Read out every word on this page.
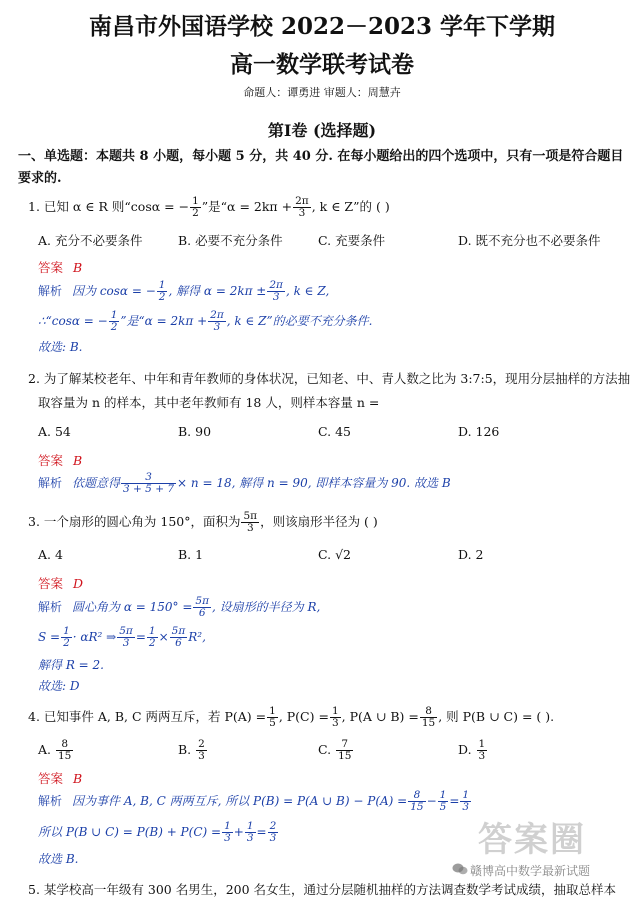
南昌市外国语学校 2022－2023 学年下学期
高一数学联考试卷
命题人：谭勇进 审题人：周慧卉
第Ⅰ卷 (选择题)
一、单选题：本题共 8 小题，每小题 5 分，共 40 分. 在每小题给出的四个选项中，只有一项是符合题目要求的.
1. 已知 α ∈ R 则“cosα = − $\frac{1}{2}$ ”是“$\alpha = 2k\pi + \frac{2\pi}{3}$ , k ∈ Z”的 ( )
A. 充分不必要条件	B. 必要不充分条件	C. 充要条件	D. 既不充分也不必要条件
答案 B
解析 因为 cosα = − $\frac{1}{2}$ , 解得 $\alpha = 2k\pi \pm \frac{2\pi}{3}$ , k ∈ Z,
∴“cosα = − $\frac{1}{2}$ ”是“$\alpha = 2k\pi + \frac{2\pi}{3}$ , k ∈ Z”的必要不充分条件.
故选: B.
2. 为了解某校老年、中年和青年教师的身体状况，已知老、中、青人数之比为 3:7:5，现用分层抽样的方法抽
取容量为 n 的样本，其中老年教师有 18 人，则样本容量 n =
A. 54	B. 90	C. 45	D. 126
答案 B
解析 依题意得 $\frac{3}{3 + 5 + 7} \times n = 18$, 解得 n = 90, 即样本容量为 90. 故选 B
3. 一个扇形的圆心角为 150°，面积为 $\frac{5\pi}{3}$ ，则该扇形半径为 ( )
A. 4	B. 1	C. √2	D. 2
答案 D
解析 圆心角为 $\alpha = 150^\circ = \frac{5\pi}{6}$ , 设扇形的半径为 R,
$S = \frac{1}{2} \cdot \alpha R^2$ ⇒ $\frac{5\pi}{3} = \frac{1}{2} \times \frac{5\pi}{6} R^2$,
解得 R = 2.
故选: D
4. 已知事件 A, B, C 两两互斥，若 $P(A) = \frac{1}{5}$ , $P(C) = \frac{1}{3}$ , P(A ∪ $B) = \frac{8}{15}$ , 则 P(B ∪ C) = ( ).
A. $\frac{8}{15}$	B. $\frac{2}{3}$	C. $\frac{7}{15}$	D. $\frac{1}{3}$
答案 B
解析 因为事件 A, B, C 两两互斥, 所以 P(B) = P(A ∪ $B) - P(A) = \frac{8}{15} - \frac{1}{5} = \frac{1}{3}$
所以 P(B ∪ $C) = P(B) + P(C) = \frac{1}{3} + \frac{1}{3} = \frac{2}{3}$
故选 B.
5. 某学校高一年级有 300 名男生，200 名女生，通过分层随机抽样的方法调查数学考试成绩，抽取总样本
答案圈
赣博高中数学最新试题
